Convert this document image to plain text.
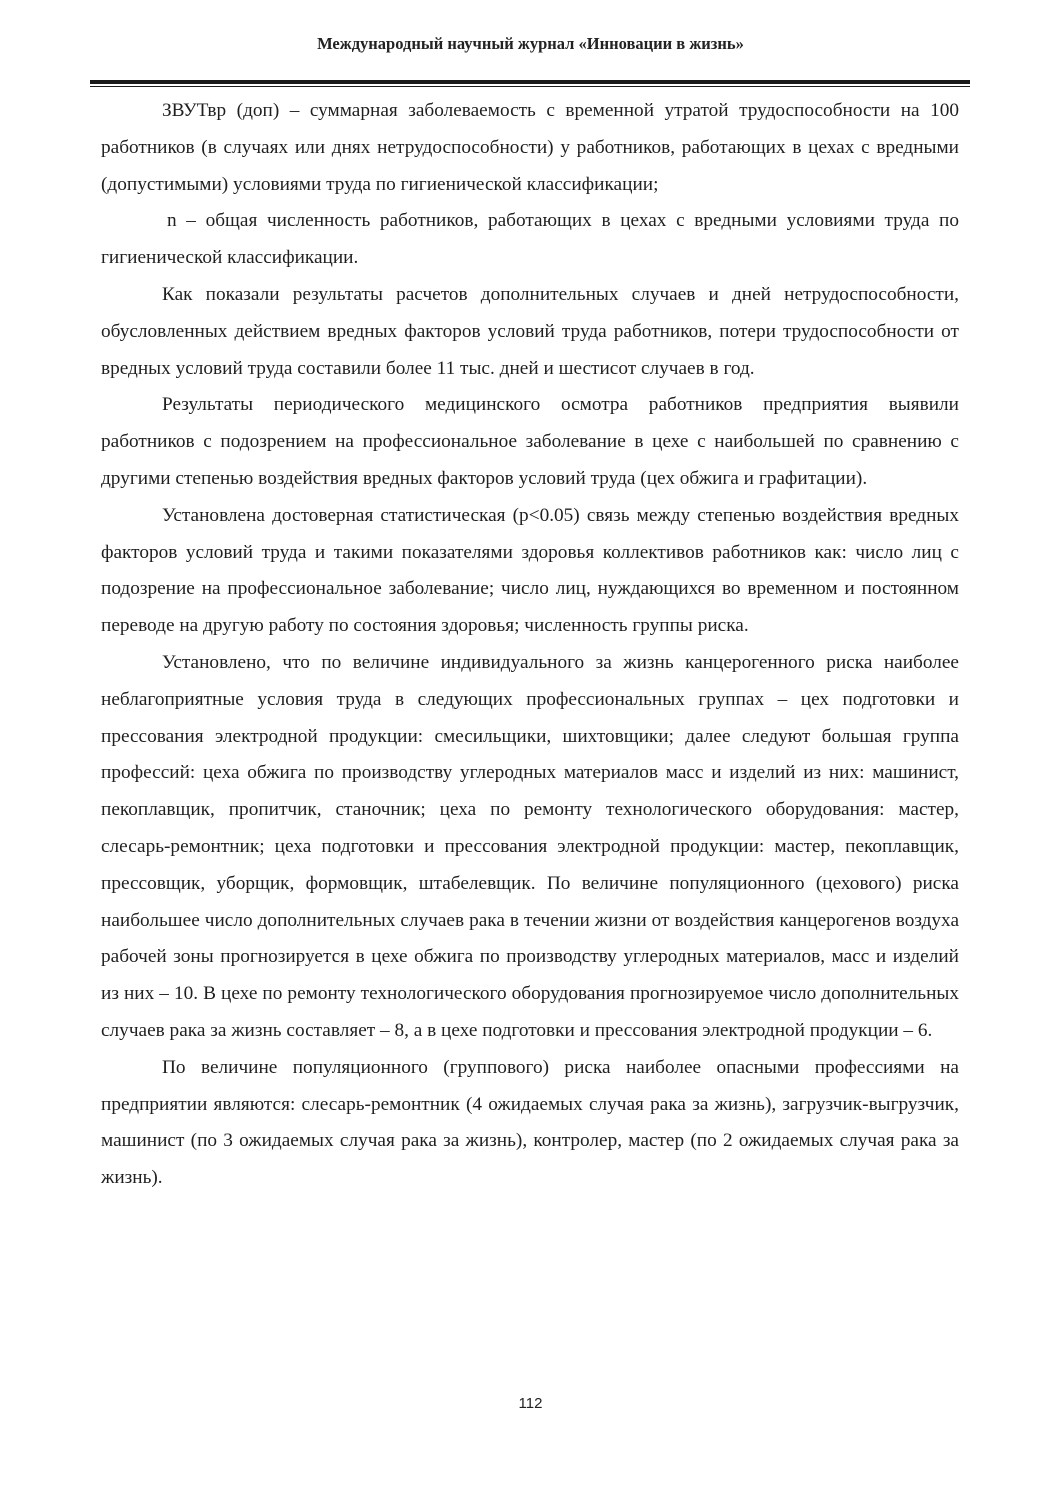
Международный научный журнал «Инновации в жизнь»

ЗВУТвр (доп) – суммарная заболеваемость с временной утратой трудоспособности на 100 работников (в случаях или днях нетрудоспособности) у работников, работающих в цехах с вредными (допустимыми) условиями труда по гигиенической классификации;

n – общая численность работников, работающих в цехах с вредными условиями труда по гигиенической классификации.

Как показали результаты расчетов дополнительных случаев и дней нетрудоспособности, обусловленных действием вредных факторов условий труда работников, потери трудоспособности от вредных условий труда составили более 11 тыс. дней и шестисот случаев в год.

Результаты периодического медицинского осмотра работников предприятия выявили работников с подозрением на профессиональное заболевание в цехе с наибольшей по сравнению с другими степенью воздействия вредных факторов условий труда (цех обжига и графитации).

Установлена достоверная статистическая (p<0.05) связь между степенью воздействия вредных факторов условий труда и такими показателями здоровья коллективов работников как: число лиц с подозрение на профессиональное заболевание; число лиц, нуждающихся во временном и постоянном переводе на другую работу по состояния здоровья; численность группы риска.

Установлено, что по величине индивидуального за жизнь канцерогенного риска наиболее неблагоприятные условия труда в следующих профессиональных группах – цех подготовки и прессования электродной продукции: смесильщики, шихтовщики; далее следуют большая группа профессий: цеха обжига по производству углеродных материалов масс и изделий из них: машинист, пекоплавщик, пропитчик, станочник; цеха по ремонту технологического оборудования: мастер, слесарь-ремонтник; цеха подготовки и прессования электродной продукции: мастер, пекоплавщик, прессовщик, уборщик, формовщик, штабелевщик. По величине популяционного (цехового) риска наибольшее число дополнительных случаев рака в течении жизни от воздействия канцерогенов воздуха рабочей зоны прогнозируется в цехе обжига по производству углеродных материалов, масс и изделий из них – 10. В цехе по ремонту технологического оборудования прогнозируемое число дополнительных случаев рака за жизнь составляет – 8, а в цехе подготовки и прессования электродной продукции – 6.

По величине популяционного (группового) риска наиболее опасными профессиями на предприятии являются: слесарь-ремонтник (4 ожидаемых случая рака за жизнь), загрузчик-выгрузчик, машинист (по 3 ожидаемых случая рака за жизнь), контролер, мастер (по 2 ожидаемых случая рака за жизнь).

112
